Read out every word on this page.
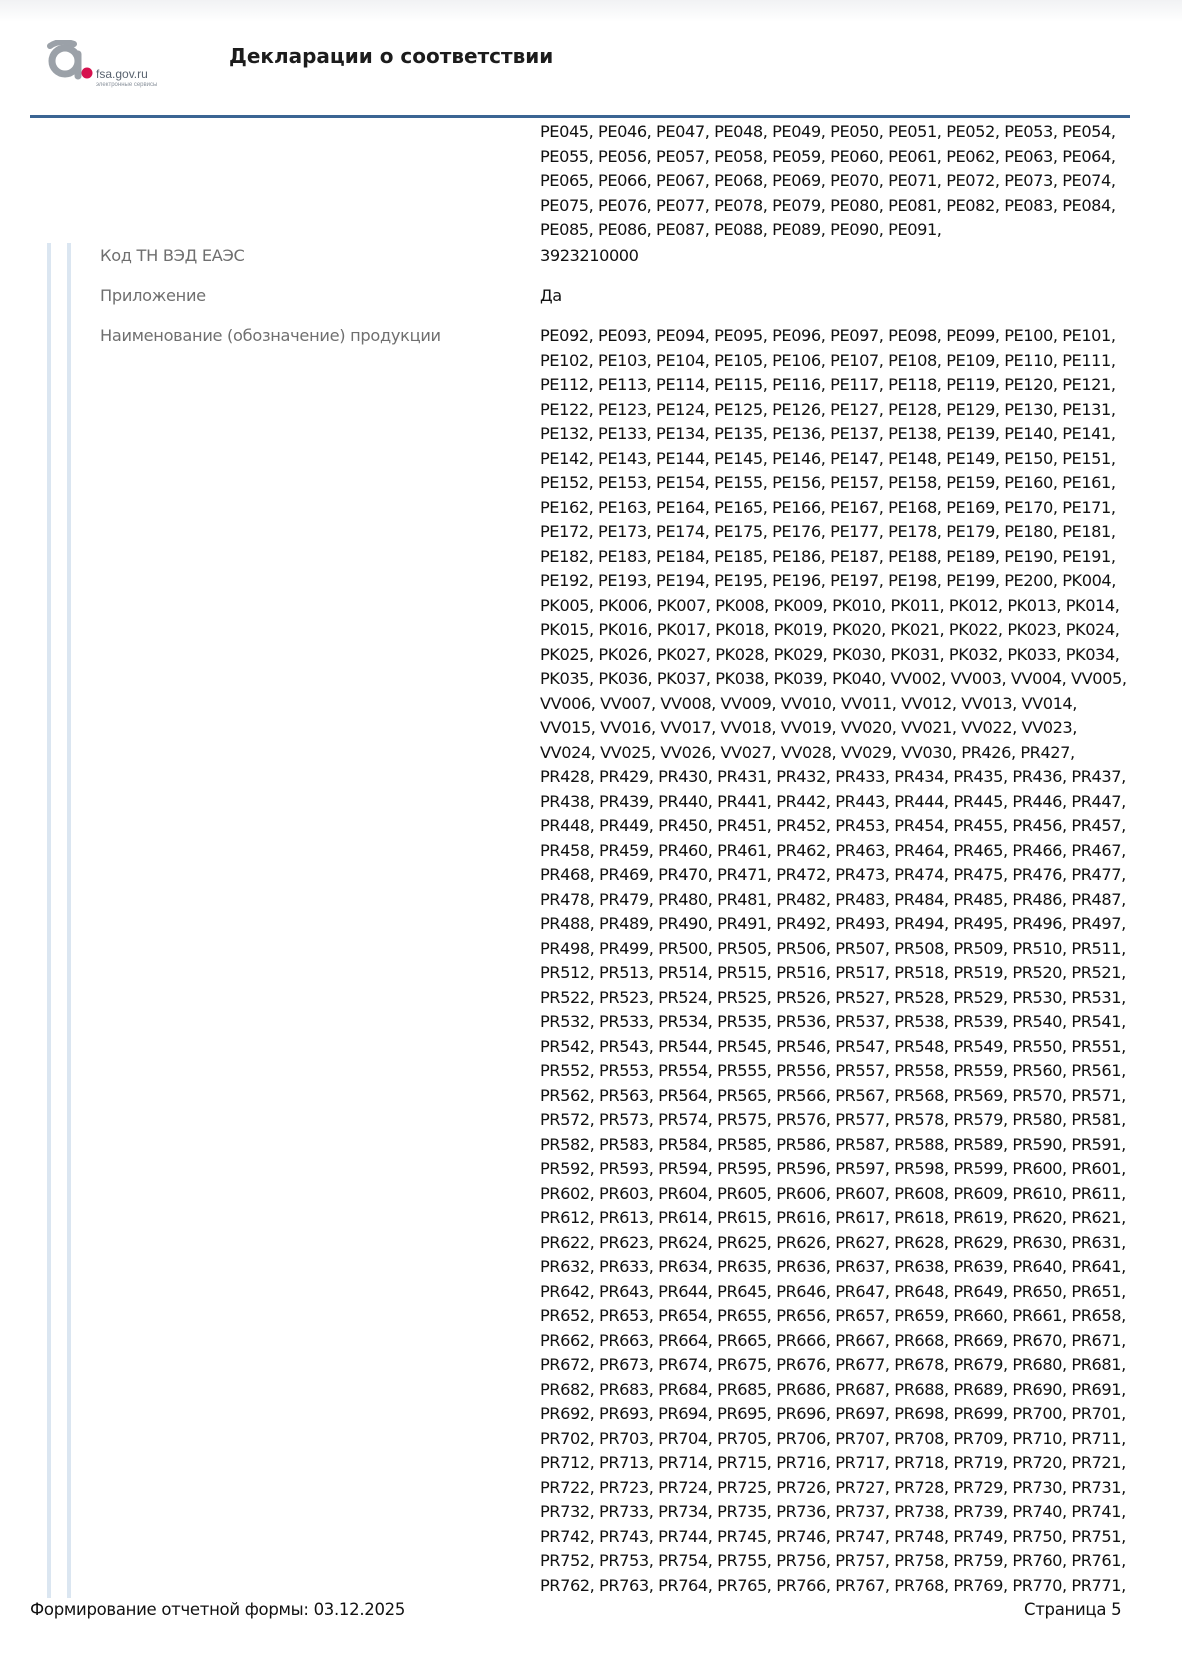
fsa.gov.ru
электронные сервисы
Декларации о соответствии
PE045, PE046, PE047, PE048, PE049, PE050, PE051, PE052, PE053, PE054,
PE055, PE056, PE057, PE058, PE059, PE060, PE061, PE062, PE063, PE064,
PE065, PE066, PE067, PE068, PE069, PE070, PE071, PE072, PE073, PE074,
PE075, PE076, PE077, PE078, PE079, PE080, PE081, PE082, PE083, PE084,
PE085, PE086, PE087, PE088, PE089, PE090, PE091,
Код ТН ВЭД ЕАЭС	3923210000
Приложение	Да
Наименование (обозначение) продукции	PE092, PE093, PE094, PE095, PE096, PE097, PE098, PE099, PE100, PE101,
PE102, PE103, PE104, PE105, PE106, PE107, PE108, PE109, PE110, PE111,
PE112, PE113, PE114, PE115, PE116, PE117, PE118, PE119, PE120, PE121,
PE122, PE123, PE124, PE125, PE126, PE127, PE128, PE129, PE130, PE131,
PE132, PE133, PE134, PE135, PE136, PE137, PE138, PE139, PE140, PE141,
PE142, PE143, PE144, PE145, PE146, PE147, PE148, PE149, PE150, PE151,
PE152, PE153, PE154, PE155, PE156, PE157, PE158, PE159, PE160, PE161,
PE162, PE163, PE164, PE165, PE166, PE167, PE168, PE169, PE170, PE171,
PE172, PE173, PE174, PE175, PE176, PE177, PE178, PE179, PE180, PE181,
PE182, PE183, PE184, PE185, PE186, PE187, PE188, PE189, PE190, PE191,
PE192, PE193, PE194, PE195, PE196, PE197, PE198, PE199, PE200, PK004,
PK005, PK006, PK007, PK008, PK009, PK010, PK011, PK012, PK013, PK014,
PK015, PK016, PK017, PK018, PK019, PK020, PK021, PK022, PK023, PK024,
PK025, PK026, PK027, PK028, PK029, PK030, PK031, PK032, PK033, PK034,
PK035, PK036, PK037, PK038, PK039, PK040, VV002, VV003, VV004, VV005,
VV006, VV007, VV008, VV009, VV010, VV011, VV012, VV013, VV014,
VV015, VV016, VV017, VV018, VV019, VV020, VV021, VV022, VV023,
VV024, VV025, VV026, VV027, VV028, VV029, VV030, PR426, PR427,
PR428, PR429, PR430, PR431, PR432, PR433, PR434, PR435, PR436, PR437,
PR438, PR439, PR440, PR441, PR442, PR443, PR444, PR445, PR446, PR447,
PR448, PR449, PR450, PR451, PR452, PR453, PR454, PR455, PR456, PR457,
PR458, PR459, PR460, PR461, PR462, PR463, PR464, PR465, PR466, PR467,
PR468, PR469, PR470, PR471, PR472, PR473, PR474, PR475, PR476, PR477,
PR478, PR479, PR480, PR481, PR482, PR483, PR484, PR485, PR486, PR487,
PR488, PR489, PR490, PR491, PR492, PR493, PR494, PR495, PR496, PR497,
PR498, PR499, PR500, PR505, PR506, PR507, PR508, PR509, PR510, PR511,
PR512, PR513, PR514, PR515, PR516, PR517, PR518, PR519, PR520, PR521,
PR522, PR523, PR524, PR525, PR526, PR527, PR528, PR529, PR530, PR531,
PR532, PR533, PR534, PR535, PR536, PR537, PR538, PR539, PR540, PR541,
PR542, PR543, PR544, PR545, PR546, PR547, PR548, PR549, PR550, PR551,
PR552, PR553, PR554, PR555, PR556, PR557, PR558, PR559, PR560, PR561,
PR562, PR563, PR564, PR565, PR566, PR567, PR568, PR569, PR570, PR571,
PR572, PR573, PR574, PR575, PR576, PR577, PR578, PR579, PR580, PR581,
PR582, PR583, PR584, PR585, PR586, PR587, PR588, PR589, PR590, PR591,
PR592, PR593, PR594, PR595, PR596, PR597, PR598, PR599, PR600, PR601,
PR602, PR603, PR604, PR605, PR606, PR607, PR608, PR609, PR610, PR611,
PR612, PR613, PR614, PR615, PR616, PR617, PR618, PR619, PR620, PR621,
PR622, PR623, PR624, PR625, PR626, PR627, PR628, PR629, PR630, PR631,
PR632, PR633, PR634, PR635, PR636, PR637, PR638, PR639, PR640, PR641,
PR642, PR643, PR644, PR645, PR646, PR647, PR648, PR649, PR650, PR651,
PR652, PR653, PR654, PR655, PR656, PR657, PR659, PR660, PR661, PR658,
PR662, PR663, PR664, PR665, PR666, PR667, PR668, PR669, PR670, PR671,
PR672, PR673, PR674, PR675, PR676, PR677, PR678, PR679, PR680, PR681,
PR682, PR683, PR684, PR685, PR686, PR687, PR688, PR689, PR690, PR691,
PR692, PR693, PR694, PR695, PR696, PR697, PR698, PR699, PR700, PR701,
PR702, PR703, PR704, PR705, PR706, PR707, PR708, PR709, PR710, PR711,
PR712, PR713, PR714, PR715, PR716, PR717, PR718, PR719, PR720, PR721,
PR722, PR723, PR724, PR725, PR726, PR727, PR728, PR729, PR730, PR731,
PR732, PR733, PR734, PR735, PR736, PR737, PR738, PR739, PR740, PR741,
PR742, PR743, PR744, PR745, PR746, PR747, PR748, PR749, PR750, PR751,
PR752, PR753, PR754, PR755, PR756, PR757, PR758, PR759, PR760, PR761,
PR762, PR763, PR764, PR765, PR766, PR767, PR768, PR769, PR770, PR771,
Формирование отчетной формы: 03.12.2025	Страница 5
